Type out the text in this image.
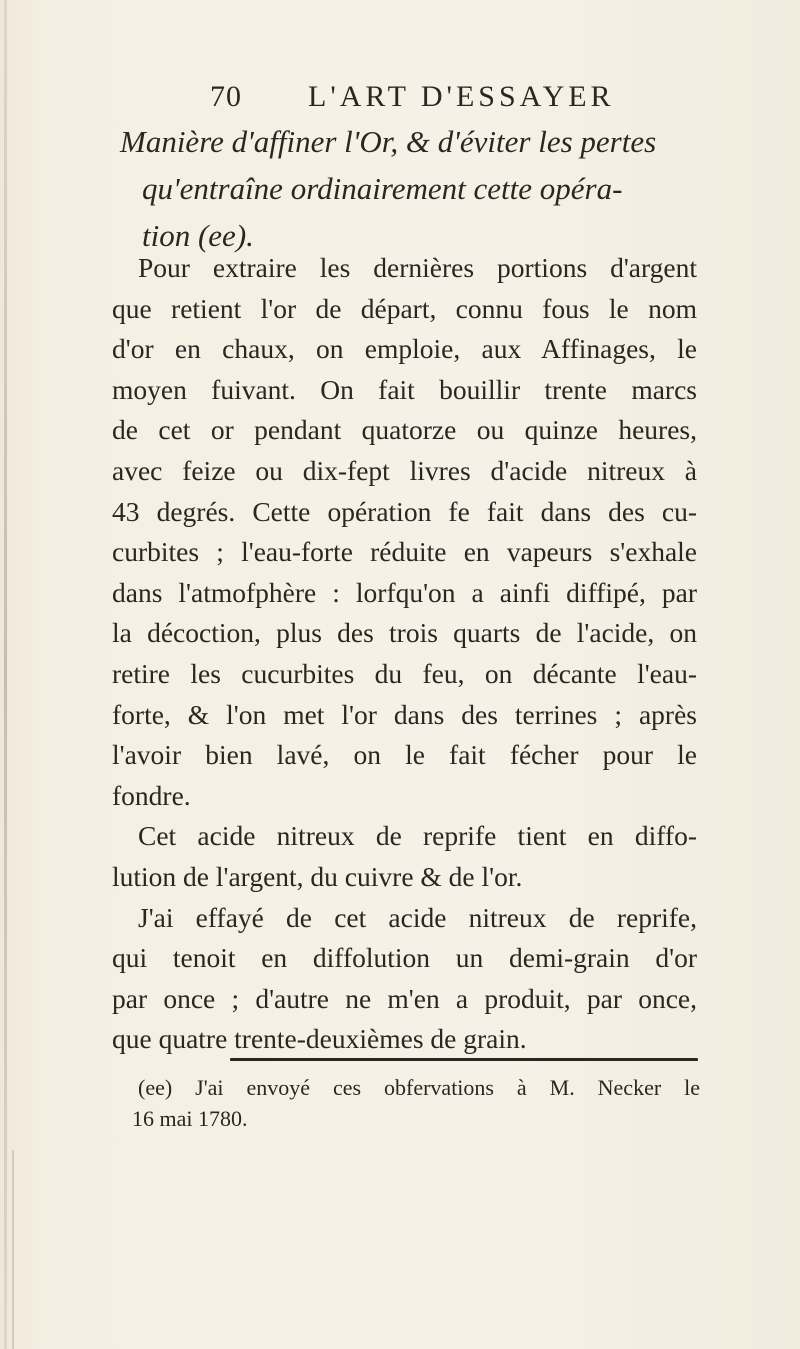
70 L'ART D'ESSAYER
Manière d'affiner l'Or, & d'éviter les pertes
qu'entraîne ordinairement cette opéra-
tion (ee).
Pour extraire les dernières portions d'argent
que retient l'or de départ, connu fous le nom
d'or en chaux, on emploie, aux Affinages, le
moyen fuivant. On fait bouillir trente marcs
de cet or pendant quatorze ou quinze heures,
avec feize ou dix-fept livres d'acide nitreux à
43 degrés. Cette opération fe fait dans des cu-
curbites ; l'eau-forte réduite en vapeurs s'exhale
dans l'atmofphère : lorfqu'on a ainfi diffipé, par
la décoction, plus des trois quarts de l'acide, on
retire les cucurbites du feu, on décante l'eau-
forte, & l'on met l'or dans des terrines ; après
l'avoir bien lavé, on le fait fécher pour le
fondre.
Cet acide nitreux de reprife tient en diffo-
lution de l'argent, du cuivre & de l'or.
J'ai effayé de cet acide nitreux de reprife,
qui tenoit en diffolution un demi-grain d'or
par once ; d'autre ne m'en a produit, par once,
que quatre trente-deuxièmes de grain.
(ee) J'ai envoyé ces obfervations à M. Necker le
16 mai 1780.
